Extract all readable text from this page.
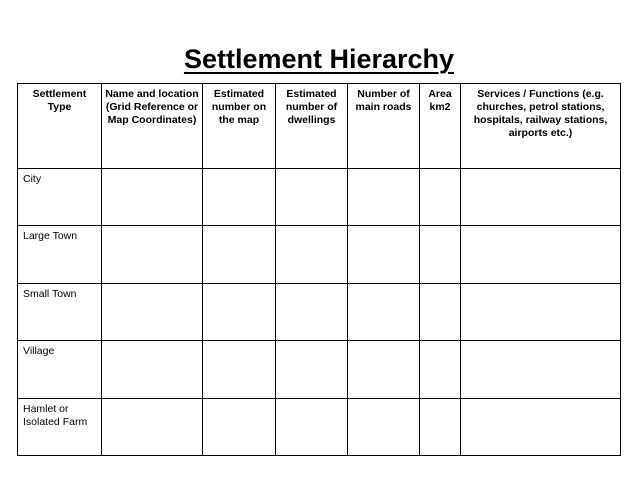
Settlement Hierarchy
Settlement Type	Name and location (Grid Reference or Map Coordinates)	Estimated number on the map	Estimated number of dwellings	Number of main roads	Area km2	Services / Functions (e.g. churches, petrol stations, hospitals, railway stations, airports etc.)
City						
Large Town						
Small Town						
Village						
Hamlet or Isolated Farm						
